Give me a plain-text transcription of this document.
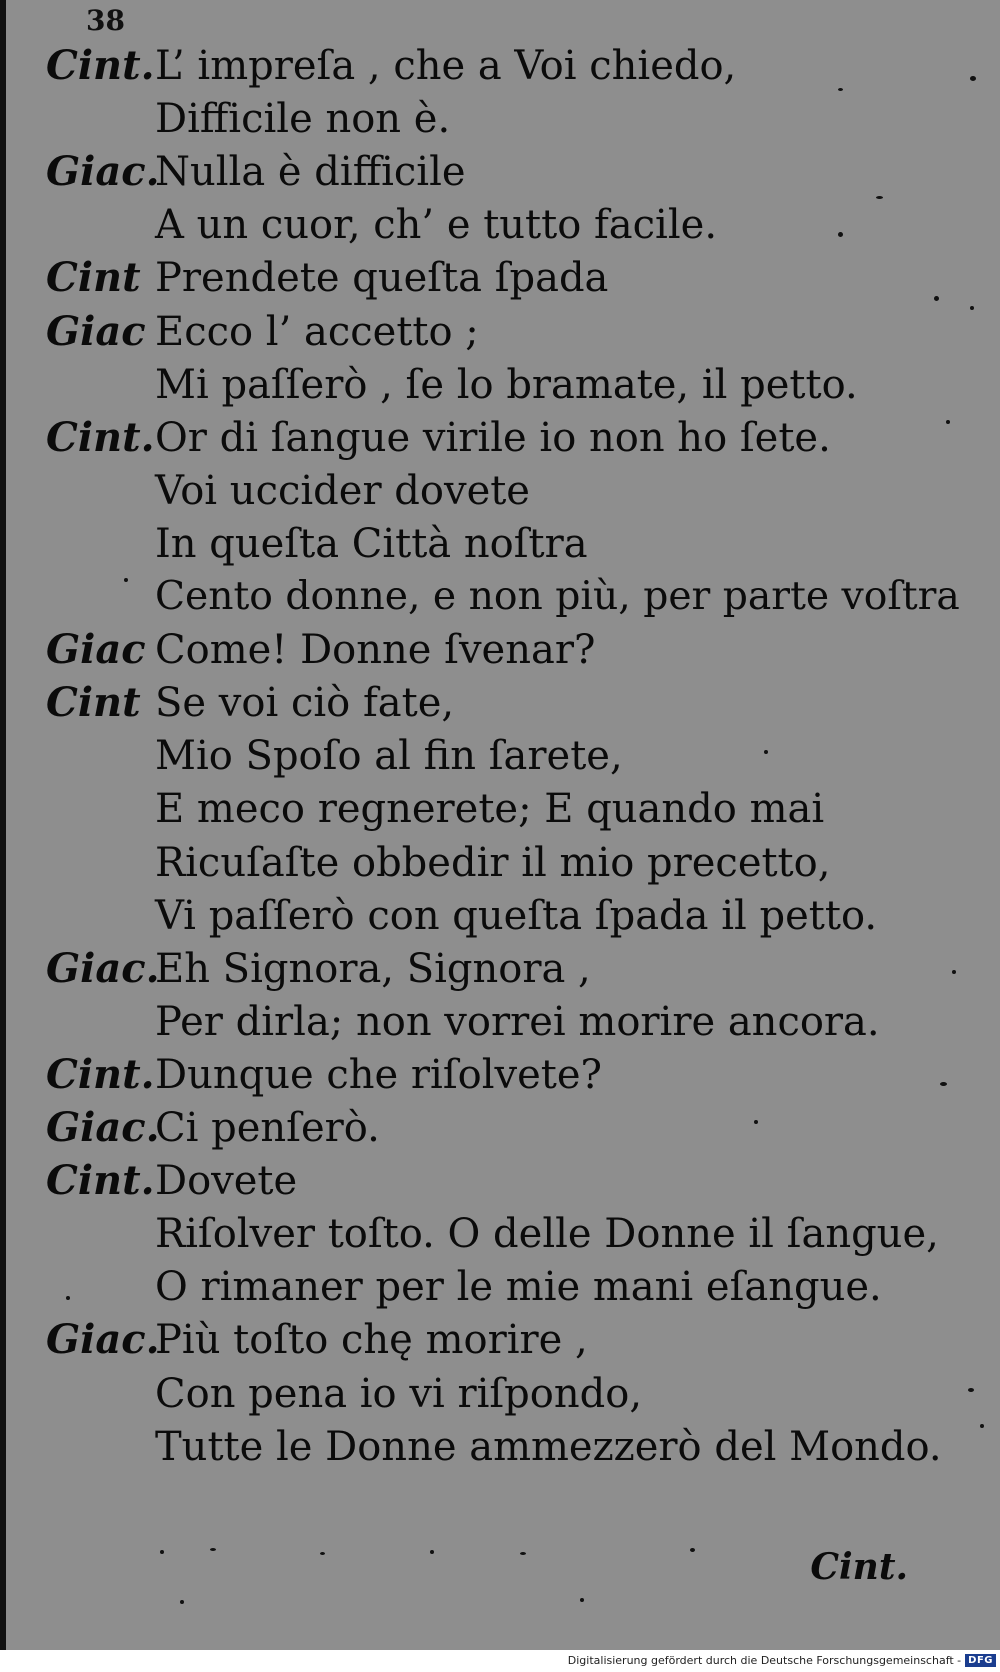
38
Cint. L’ impreſa , che a Voi chiedo,
Difficile non è.
Giac.
Nulla è difficile
A un cuor, ch’ e tutto facile.
Cint Prendete queſta ſpada
Giac Ecco l’ accetto ;
Mi paſſerò , ſe lo bramate, il petto.
Cint. Or di ſangue virile io non ho ſete.
Voi uccider dovete
In queſta Città noſtra
Cento donne, e non più, per parte voſtra
Giac Come! Donne ſvenar?
Cint Se voi ciò fate,
Mio Spoſo al fin ſarete,
E meco regnerete; E quando mai
Ricuſaſte obbedir il mio precetto,
Vi paſſerò con queſta ſpada il petto.
Giac.
Eh Signora, Signora ,
Per dirla; non vorrei morire ancora.
Cint. Dunque che riſolvete?
Giac.
Ci penſerò.
Cint. Dovete
Riſolver toſto. O delle Donne il ſangue,
O rimaner per le mie mani eſangue.
Giac.
Più toſto chę morire ,
Con pena io vi riſpondo,
Tutte le Donne ammezzerò del Mondo.
Cint.
Digitalisierung gefördert durch die Deutsche Forschungsgemeinschaft - DFG
